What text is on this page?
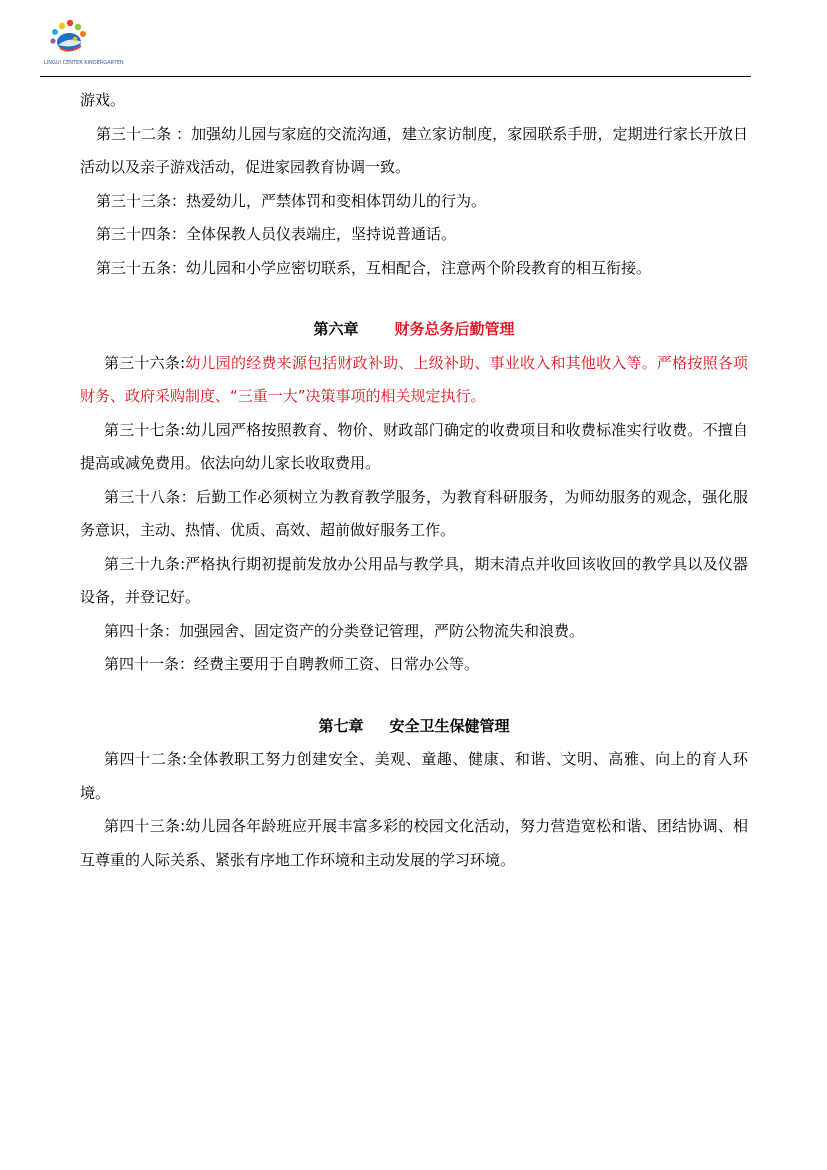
LINGUI CENTER KINDERGARTEN

游戏。

第三十二条 ：加强幼儿园与家庭的交流沟通，建立家访制度，家园联系手册，定期进行家长开放日活动以及亲子游戏活动，促进家园教育协调一致。

第三十三条：热爱幼儿，严禁体罚和变相体罚幼儿的行为。

第三十四条：全体保教人员仪表端庄，坚持说普通话。

第三十五条：幼儿园和小学应密切联系，互相配合，注意两个阶段教育的相互衔接。

第六章 财务总务后勤管理

第三十六条:幼儿园的经费来源包括财政补助、上级补助、事业收入和其他收入等。严格按照各项财务、政府采购制度、“三重一大”决策事项的相关规定执行。

第三十七条:幼儿园严格按照教育、物价、财政部门确定的收费项目和收费标准实行收费。不擅自提高或减免费用。依法向幼儿家长收取费用。

第三十八条：后勤工作必须树立为教育教学服务，为教育科研服务，为师幼服务的观念，强化服务意识，主动、热情、优质、高效、超前做好服务工作。

第三十九条:严格执行期初提前发放办公用品与教学具，期末清点并收回该收回的教学具以及仪器设备，并登记好。

第四十条：加强园舍、固定资产的分类登记管理，严防公物流失和浪费。

第四十一条：经费主要用于自聘教师工资、日常办公等。

第七章 安全卫生保健管理

第四十二条:全体教职工努力创建安全、美观、童趣、健康、和谐、文明、高雅、向上的育人环境。

第四十三条:幼儿园各年龄班应开展丰富多彩的校园文化活动，努力营造宽松和谐、团结协调、相互尊重的人际关系、紧张有序地工作环境和主动发展的学习环境。
